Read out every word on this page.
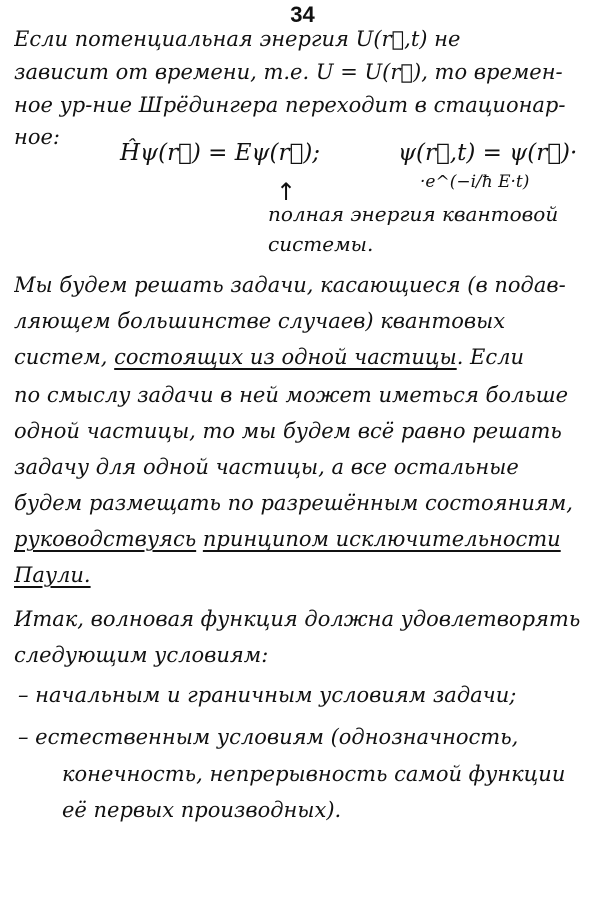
34
Если потенциальная энергия U(r⃗,t) не
зависит от времени, т.е. U = U(r⃗), то времен-
ное ур-ние Шрёдингера переходит в стационар-
ное:
Ĥψ(r⃗) = Eψ(r⃗);	ψ(r⃗,t) = ψ(r⃗)·
·e^(−i/ħ E·t)
↑
полная энергия квантовой
системы.
Мы будем решать задачи, касающиеся (в подав-
ляющем большинстве случаев) квантовых
систем, состоящих из одной частицы. Если
по смыслу задачи в ней может иметься больше
одной частицы, то мы будем всё равно решать
задачу для одной частицы, а все остальные
будем размещать по разрешённым состояниям,
руководствуясь принципом исключительности
Паули.
Итак, волновая функция должна удовлетворять
следующим условиям:
– начальным и граничным условиям задачи;
– естественным условиям (однозначность,
конечность, непрерывность самой функции
её первых производных).
